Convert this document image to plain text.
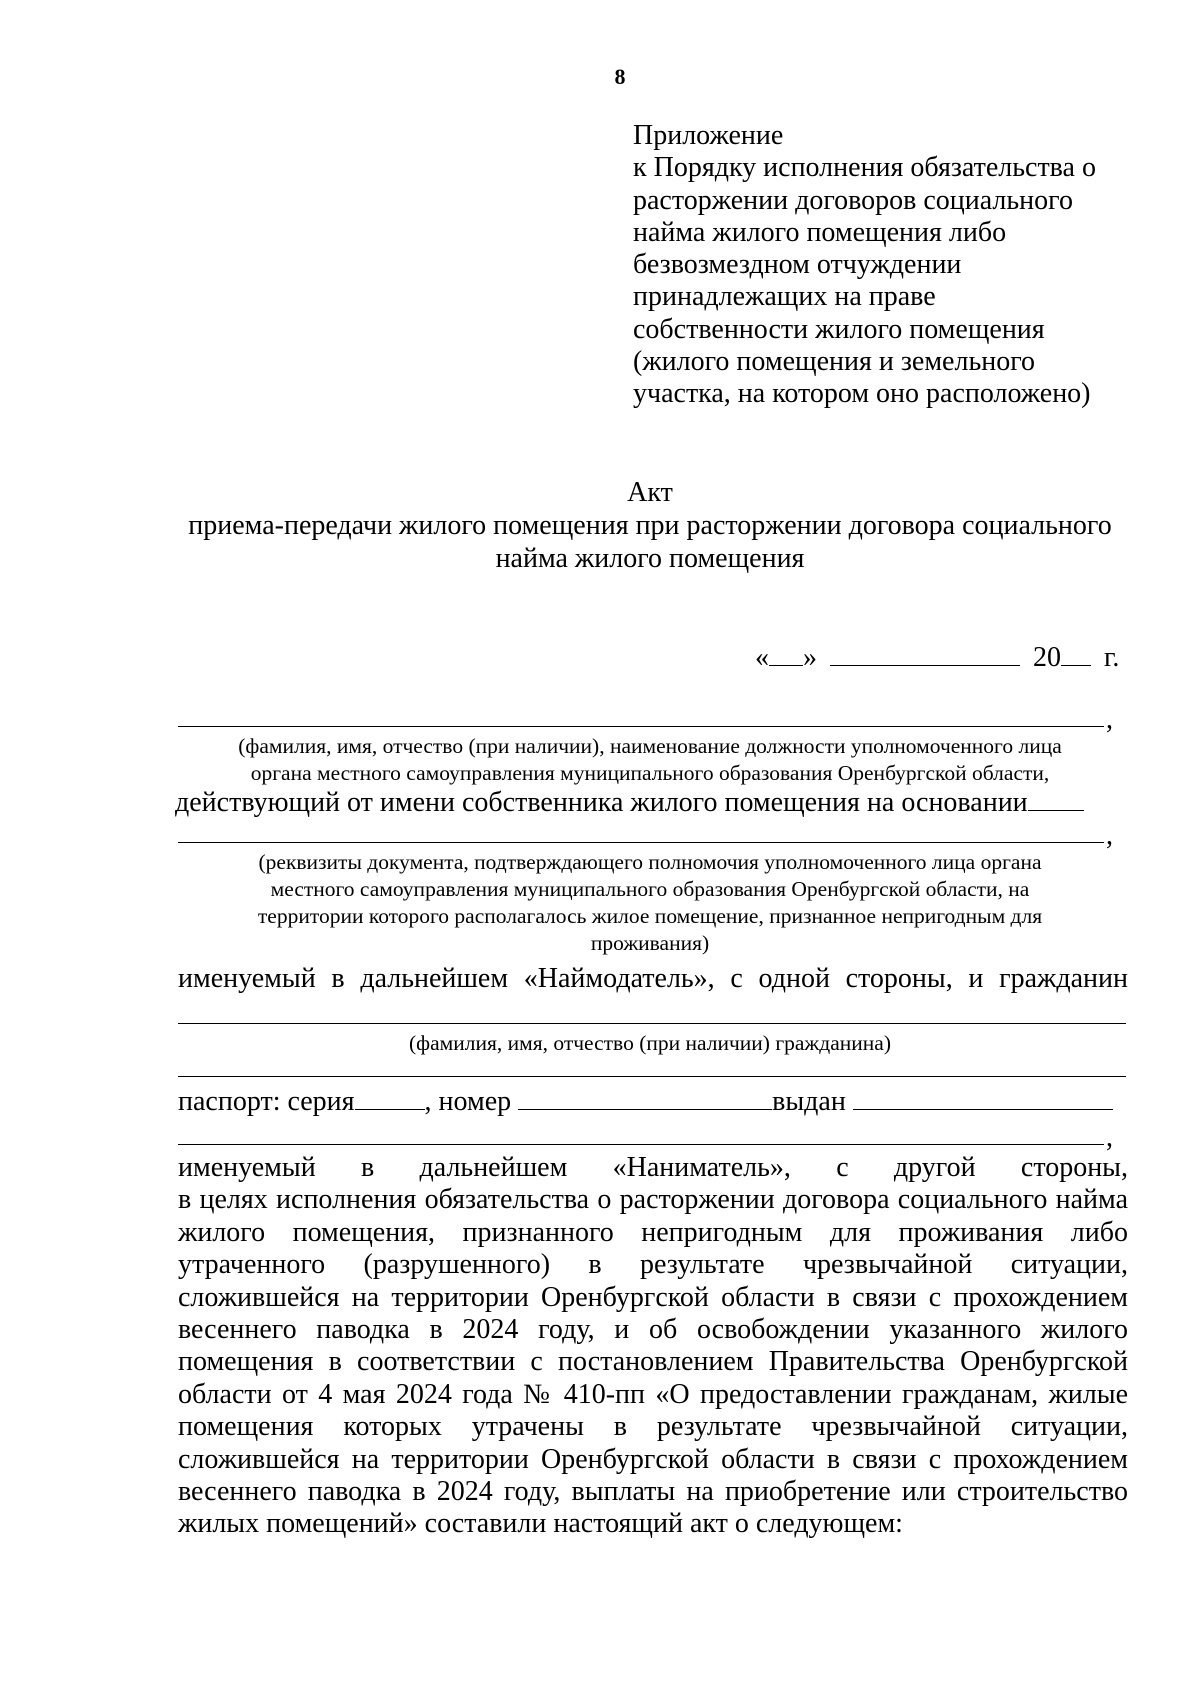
8
Приложение
к Порядку исполнения обязательства о
расторжении договоров социального
найма жилого помещения либо
безвозмездном отчуждении
принадлежащих на праве
собственности жилого помещения
(жилого помещения и земельного
участка, на котором оно расположено)
Акт
приема-передачи жилого помещения при расторжении договора социального
найма жилого помещения
« »	20 г.
,
(фамилия, имя, отчество (при наличии), наименование должности уполномоченного лица
органа местного самоуправления муниципального образования Оренбургской области,
действующий от имени собственника жилого помещения на основании
,
(реквизиты документа, подтверждающего полномочия уполномоченного лица органа
местного самоуправления муниципального образования Оренбургской области, на
территории которого располагалось жилое помещение, признанное непригодным для
проживания)
именуемый в дальнейшем «Наймодатель», с одной стороны, и гражданин
(фамилия, имя, отчество (при наличии) гражданина)
паспорт: серия	, номер	выдан
,
именуемый в дальнейшем «Наниматель», с другой стороны,
в целях исполнения обязательства о расторжении договора социального найма
жилого помещения, признанного непригодным для проживания либо
утраченного (разрушенного) в результате чрезвычайной ситуации,
сложившейся на территории Оренбургской области в связи с прохождением
весеннего паводка в 2024 году, и об освобождении указанного жилого
помещения в соответствии с постановлением Правительства Оренбургской
области от 4 мая 2024 года № 410-пп «О предоставлении гражданам, жилые
помещения которых утрачены в результате чрезвычайной ситуации,
сложившейся на территории Оренбургской области в связи с прохождением
весеннего паводка в 2024 году, выплаты на приобретение или строительство
жилых помещений» составили настоящий акт о следующем:
